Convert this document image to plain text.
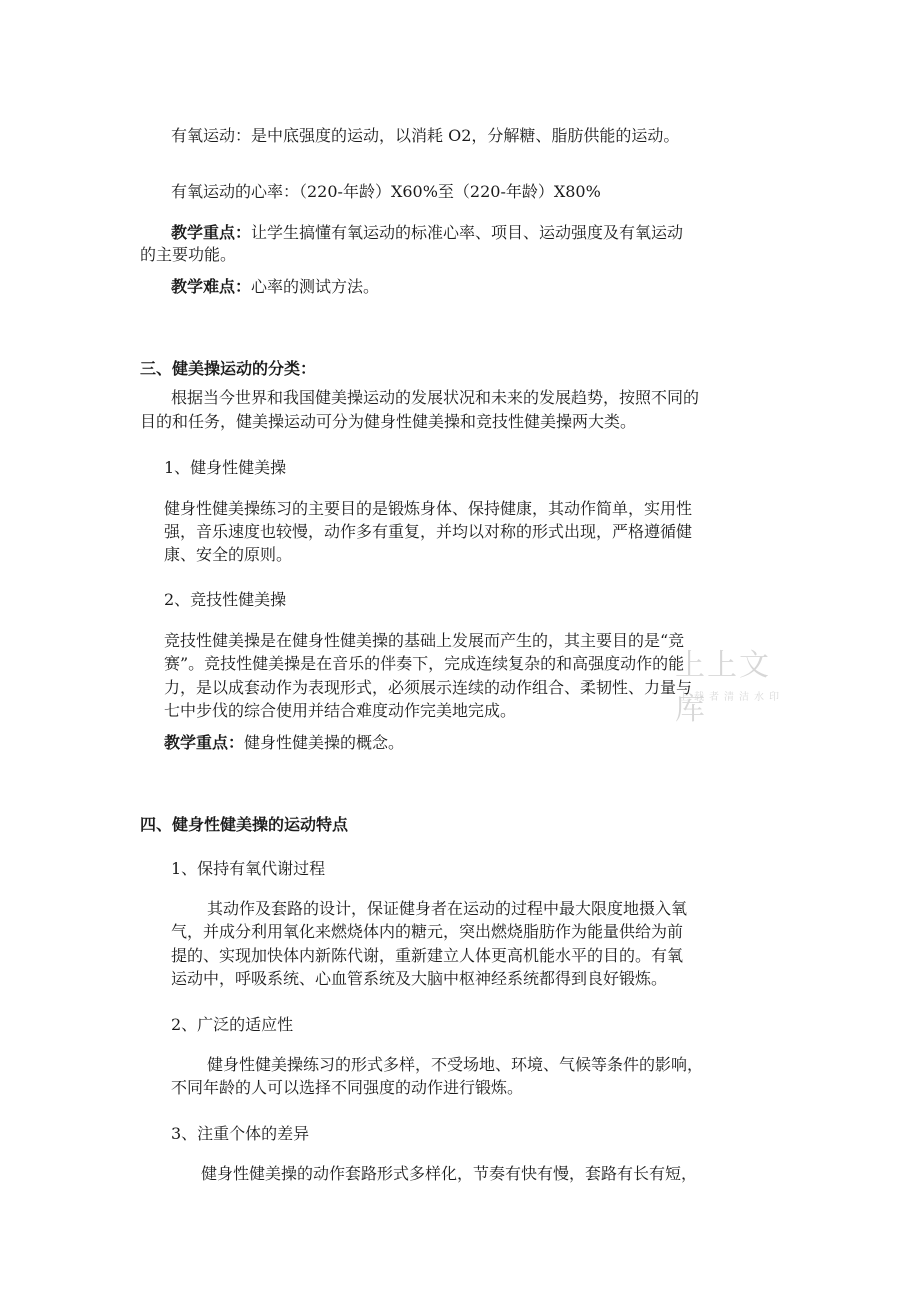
有氧运动：是中底强度的运动，以消耗 O2，分解糖、脂肪供能的运动。
有氧运动的心率：（220-年龄）X60%至（220-年龄）X80%
教学重点：让学生搞懂有氧运动的标准心率、项目、运动强度及有氧运动
的主要功能。
教学难点：心率的测试方法。
三、健美操运动的分类：
根据当今世界和我国健美操运动的发展状况和未来的发展趋势，按照不同的
目的和任务，健美操运动可分为健身性健美操和竞技性健美操两大类。
1、健身性健美操
健身性健美操练习的主要目的是锻炼身体、保持健康，其动作简单，实用性
强，音乐速度也较慢，动作多有重复，并均以对称的形式出现，严格遵循健
康、安全的原则。
2、竞技性健美操
竞技性健美操是在健身性健美操的基础上发展而产生的，其主要目的是“竞
赛”。竞技性健美操是在音乐的伴奏下，完成连续复杂的和高强度动作的能
力，是以成套动作为表现形式，必须展示连续的动作组合、柔韧性、力量与
七中步伐的综合使用并结合难度动作完美地完成。
教学重点：健身性健美操的概念。
上上文库
上载者清洁水印
四、健身性健美操的运动特点
1、保持有氧代谢过程
其动作及套路的设计，保证健身者在运动的过程中最大限度地摄入氧
气，并成分利用氧化来燃烧体内的糖元，突出燃烧脂肪作为能量供给为前
提的、实现加快体内新陈代谢，重新建立人体更高机能水平的目的。有氧
运动中，呼吸系统、心血管系统及大脑中枢神经系统都得到良好锻炼。
2、广泛的适应性
健身性健美操练习的形式多样，不受场地、环境、气候等条件的影响，
不同年龄的人可以选择不同强度的动作进行锻炼。
3、注重个体的差异
健身性健美操的动作套路形式多样化，节奏有快有慢，套路有长有短，
